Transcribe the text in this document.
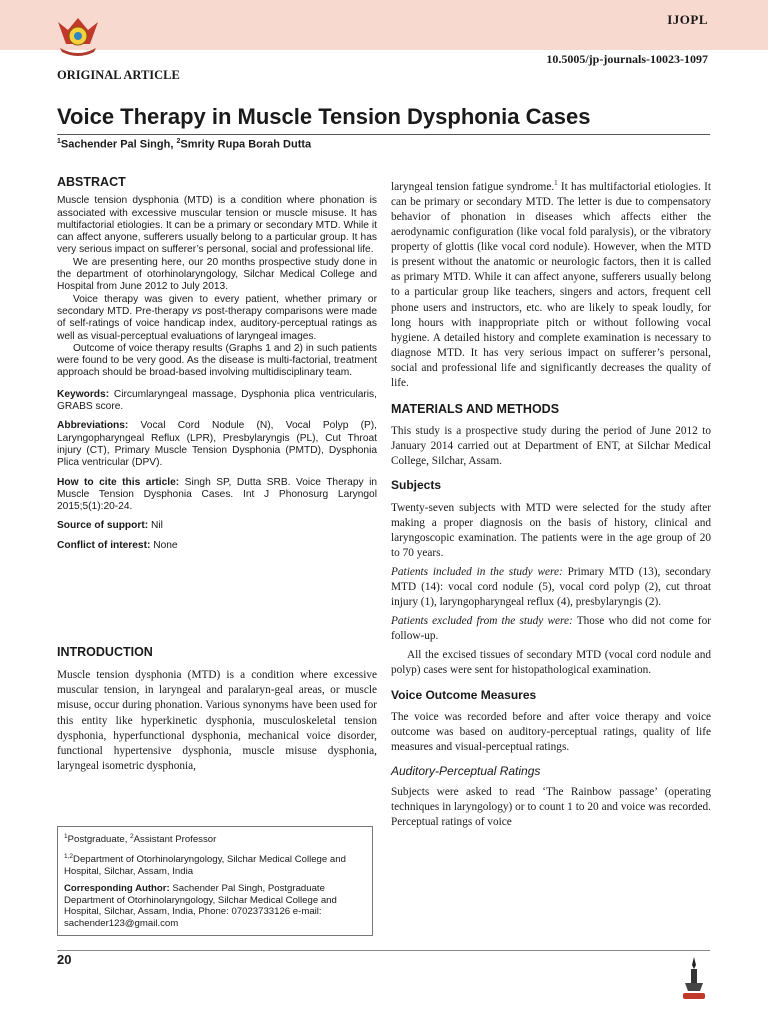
IJOPL
10.5005/jp-journals-10023-1097
ORIGINAL ARTICLE
Voice Therapy in Muscle Tension Dysphonia Cases
$^1$Sachender Pal Singh, $^2$Smrity Rupa Borah Dutta
ABSTRACT

Muscle tension dysphonia (MTD) is a condition where phonation is associated with excessive muscular tension or muscle misuse. It has multifactorial etiologies. It can be a primary or secondary MTD. While it can affect anyone, sufferers usually belong to a particular group. It has very serious impact on sufferer’s personal, social and professional life.

We are presenting here, our 20 months prospective study done in the department of otorhinolaryngology, Silchar Medical College and Hospital from June 2012 to July 2013.

Voice therapy was given to every patient, whether primary or secondary MTD. Pre-therapy vs post-therapy comparisons were made of self-ratings of voice handicap index, auditory-perceptual ratings as well as visual-perceptual evaluations of laryngeal images.

Outcome of voice therapy results (Graphs 1 and 2) in such patients were found to be very good. As the disease is multi-factorial, treatment approach should be broad-based involving multidisciplinary team.

Keywords: Circumlaryngeal massage, Dysphonia plica ventricularis, GRABS score.

Abbreviations: Vocal Cord Nodule (N), Vocal Polyp (P), Laryngopharyngeal Reflux (LPR), Presbylaryngis (PL), Cut Throat injury (CT), Primary Muscle Tension Dysphonia (PMTD), Dysphonia Plica ventricular (DPV).

How to cite this article: Singh SP, Dutta SRB. Voice Therapy in Muscle Tension Dysphonia Cases. Int J Phonosurg Laryngol 2015;5(1):20-24.

Source of support: Nil

Conflict of interest: None

INTRODUCTION

Muscle tension dysphonia (MTD) is a condition where excessive muscular tension, in laryngeal and paralaryn-geal areas, or muscle misuse, occur during phonation. Various synonyms have been used for this entity like hyperkinetic dysphonia, musculoskeletal tension dysphonia, hyperfunctional dysphonia, mechanical voice disorder, functional hypertensive dysphonia, muscle misuse dysphonia, laryngeal isometric dysphonia,

$^1$Postgraduate, $^2$Assistant Professor

$^{1,2}$Department of Otorhinolaryngology, Silchar Medical College and Hospital, Silchar, Assam, India

Corresponding Author: Sachender Pal Singh, Postgraduate Department of Otorhinolaryngology, Silchar Medical College and Hospital, Silchar, Assam, India, Phone: 07023733126 e-mail: sachender123@gmail.com

laryngeal tension fatigue syndrome.$^1$ It has multifactorial etiologies. It can be primary or secondary MTD. The letter is due to compensatory behavior of phonation in diseases which affects either the aerodynamic configuration (like vocal fold paralysis), or the vibratory property of glottis (like vocal cord nodule). However, when the MTD is present without the anatomic or neurologic factors, then it is called as primary MTD. While it can affect anyone, sufferers usually belong to a particular group like teachers, singers and actors, frequent cell phone users and instructors, etc. who are likely to speak loudly, for long hours with inappropriate pitch or without following vocal hygiene. A detailed history and complete examination is necessary to diagnose MTD. It has very serious impact on sufferer’s personal, social and professional life and significantly decreases the quality of life.

MATERIALS AND METHODS

This study is a prospective study during the period of June 2012 to January 2014 carried out at Department of ENT, at Silchar Medical College, Silchar, Assam.

Subjects

Twenty-seven subjects with MTD were selected for the study after making a proper diagnosis on the basis of history, clinical and laryngoscopic examination. The patients were in the age group of 20 to 70 years.

Patients included in the study were: Primary MTD (13), secondary MTD (14): vocal cord nodule (5), vocal cord polyp (2), cut throat injury (1), laryngopharyngeal reflux (4), presbylaryngis (2).

Patients excluded from the study were: Those who did not come for follow-up.

All the excised tissues of secondary MTD (vocal cord nodule and polyp) cases were sent for histopathological examination.

Voice Outcome Measures

The voice was recorded before and after voice therapy and voice outcome was based on auditory-perceptual ratings, quality of life measures and visual-perceptual ratings.

Auditory-Perceptual Ratings

Subjects were asked to read ‘The Rainbow passage’ (operating techniques in laryngology) or to count 1 to 20 and voice was recorded. Perceptual ratings of voice

20
